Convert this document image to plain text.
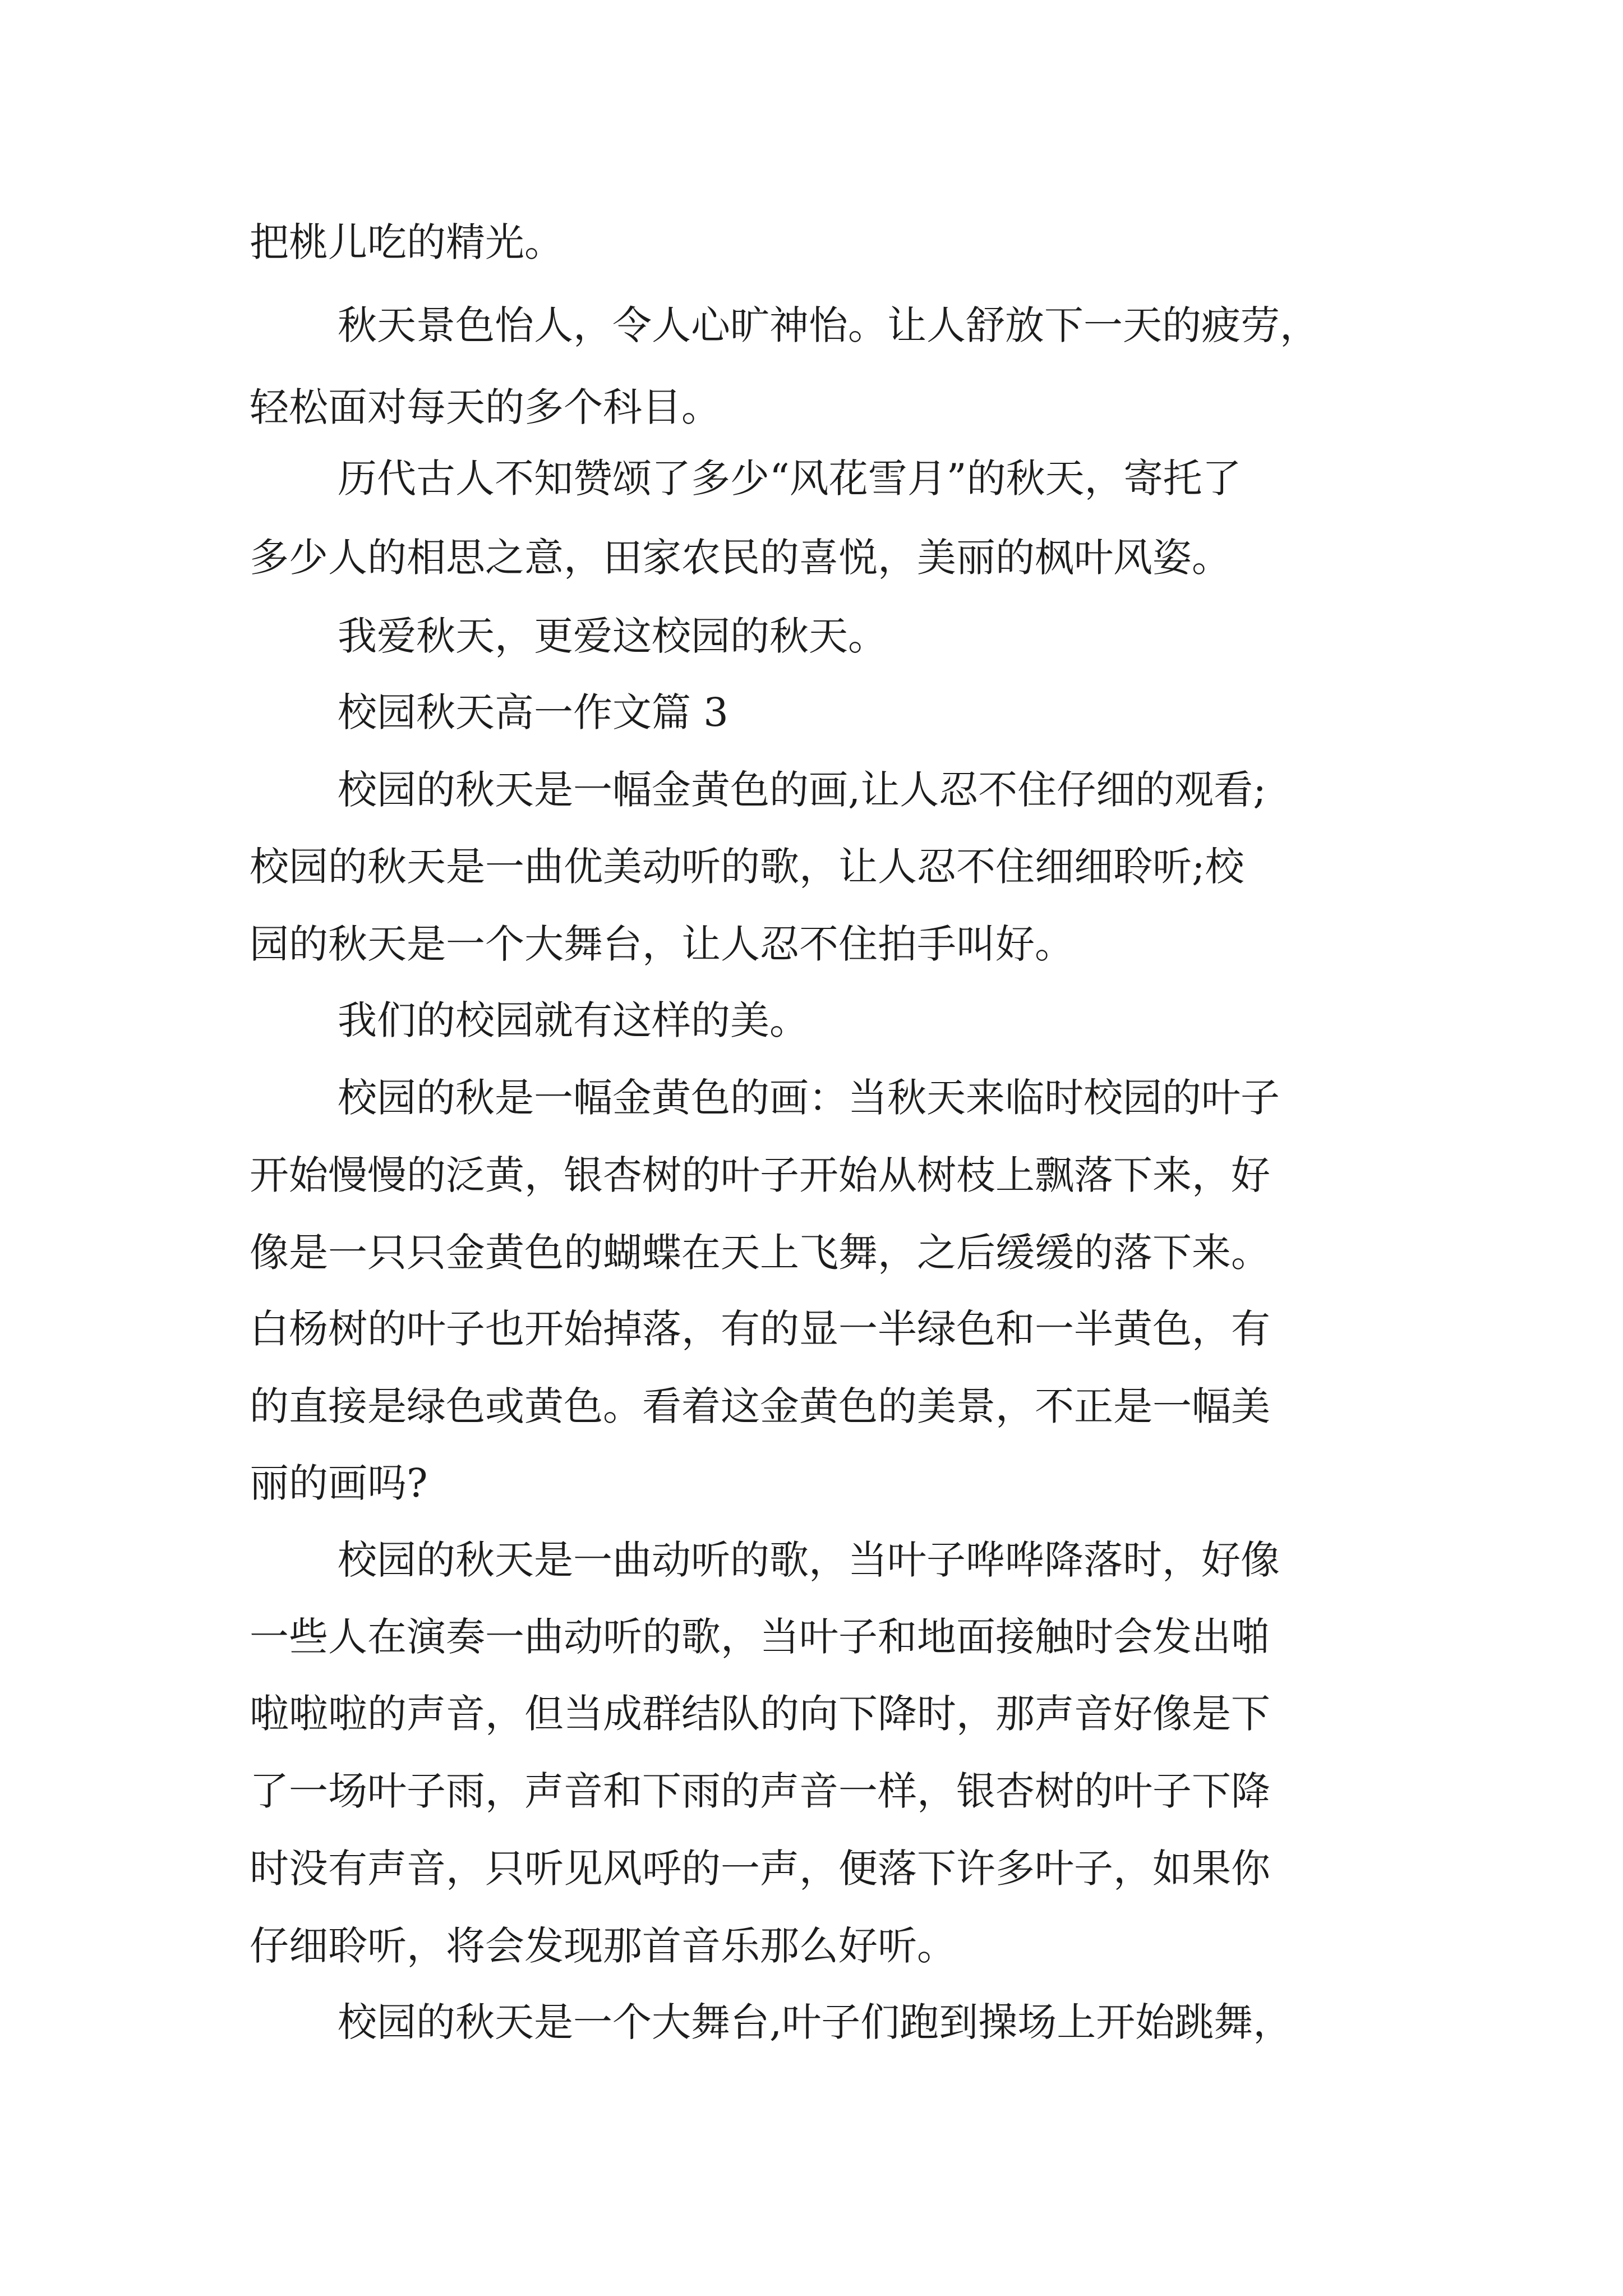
把桃儿吃的精光。

秋天景色怡人，令人心旷神怡。让人舒放下一天的疲劳，

轻松面对每天的多个科目。

历代古人不知赞颂了多少“风花雪月”的秋天，寄托了

多少人的相思之意，田家农民的喜悦，美丽的枫叶风姿。

我爱秋天，更爱这校园的秋天。

校园秋天高一作文篇 3

校园的秋天是一幅金黄色的画,让人忍不住仔细的观看;

校园的秋天是一曲优美动听的歌，让人忍不住细细聆听;校

园的秋天是一个大舞台，让人忍不住拍手叫好。

我们的校园就有这样的美。

校园的秋是一幅金黄色的画：当秋天来临时校园的叶子

开始慢慢的泛黄，银杏树的叶子开始从树枝上飘落下来，好

像是一只只金黄色的蝴蝶在天上飞舞，之后缓缓的落下来。

白杨树的叶子也开始掉落，有的显一半绿色和一半黄色，有

的直接是绿色或黄色。看着这金黄色的美景，不正是一幅美

丽的画吗?

校园的秋天是一曲动听的歌，当叶子哗哗降落时，好像

一些人在演奏一曲动听的歌，当叶子和地面接触时会发出啪

啦啦啦的声音，但当成群结队的向下降时，那声音好像是下

了一场叶子雨，声音和下雨的声音一样，银杏树的叶子下降

时没有声音，只听见风呼的一声，便落下许多叶子，如果你

仔细聆听，将会发现那首音乐那么好听。

校园的秋天是一个大舞台,叶子们跑到操场上开始跳舞，
